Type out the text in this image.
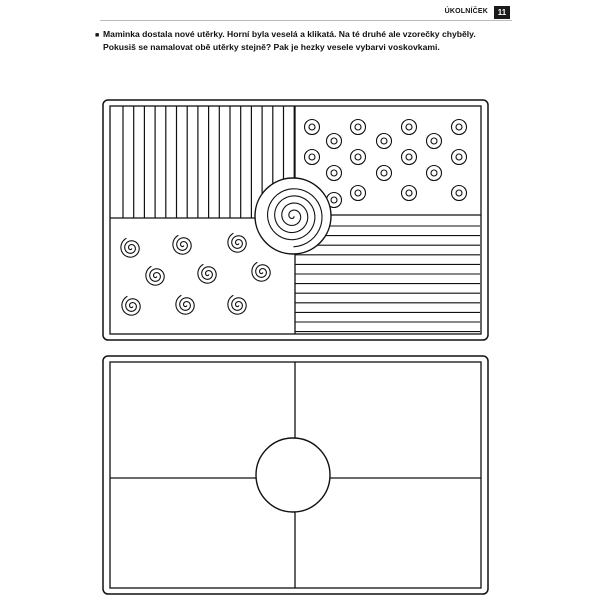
ÚKOLNÍČEK	11
■ Maminka dostala nové utěrky. Horní byla veselá a klikatá. Na té druhé ale vzorečky chyběly.
Pokusiš se namalovat obě utěrky stejně? Pak je hezky vesele vybarvi voskovkami.
